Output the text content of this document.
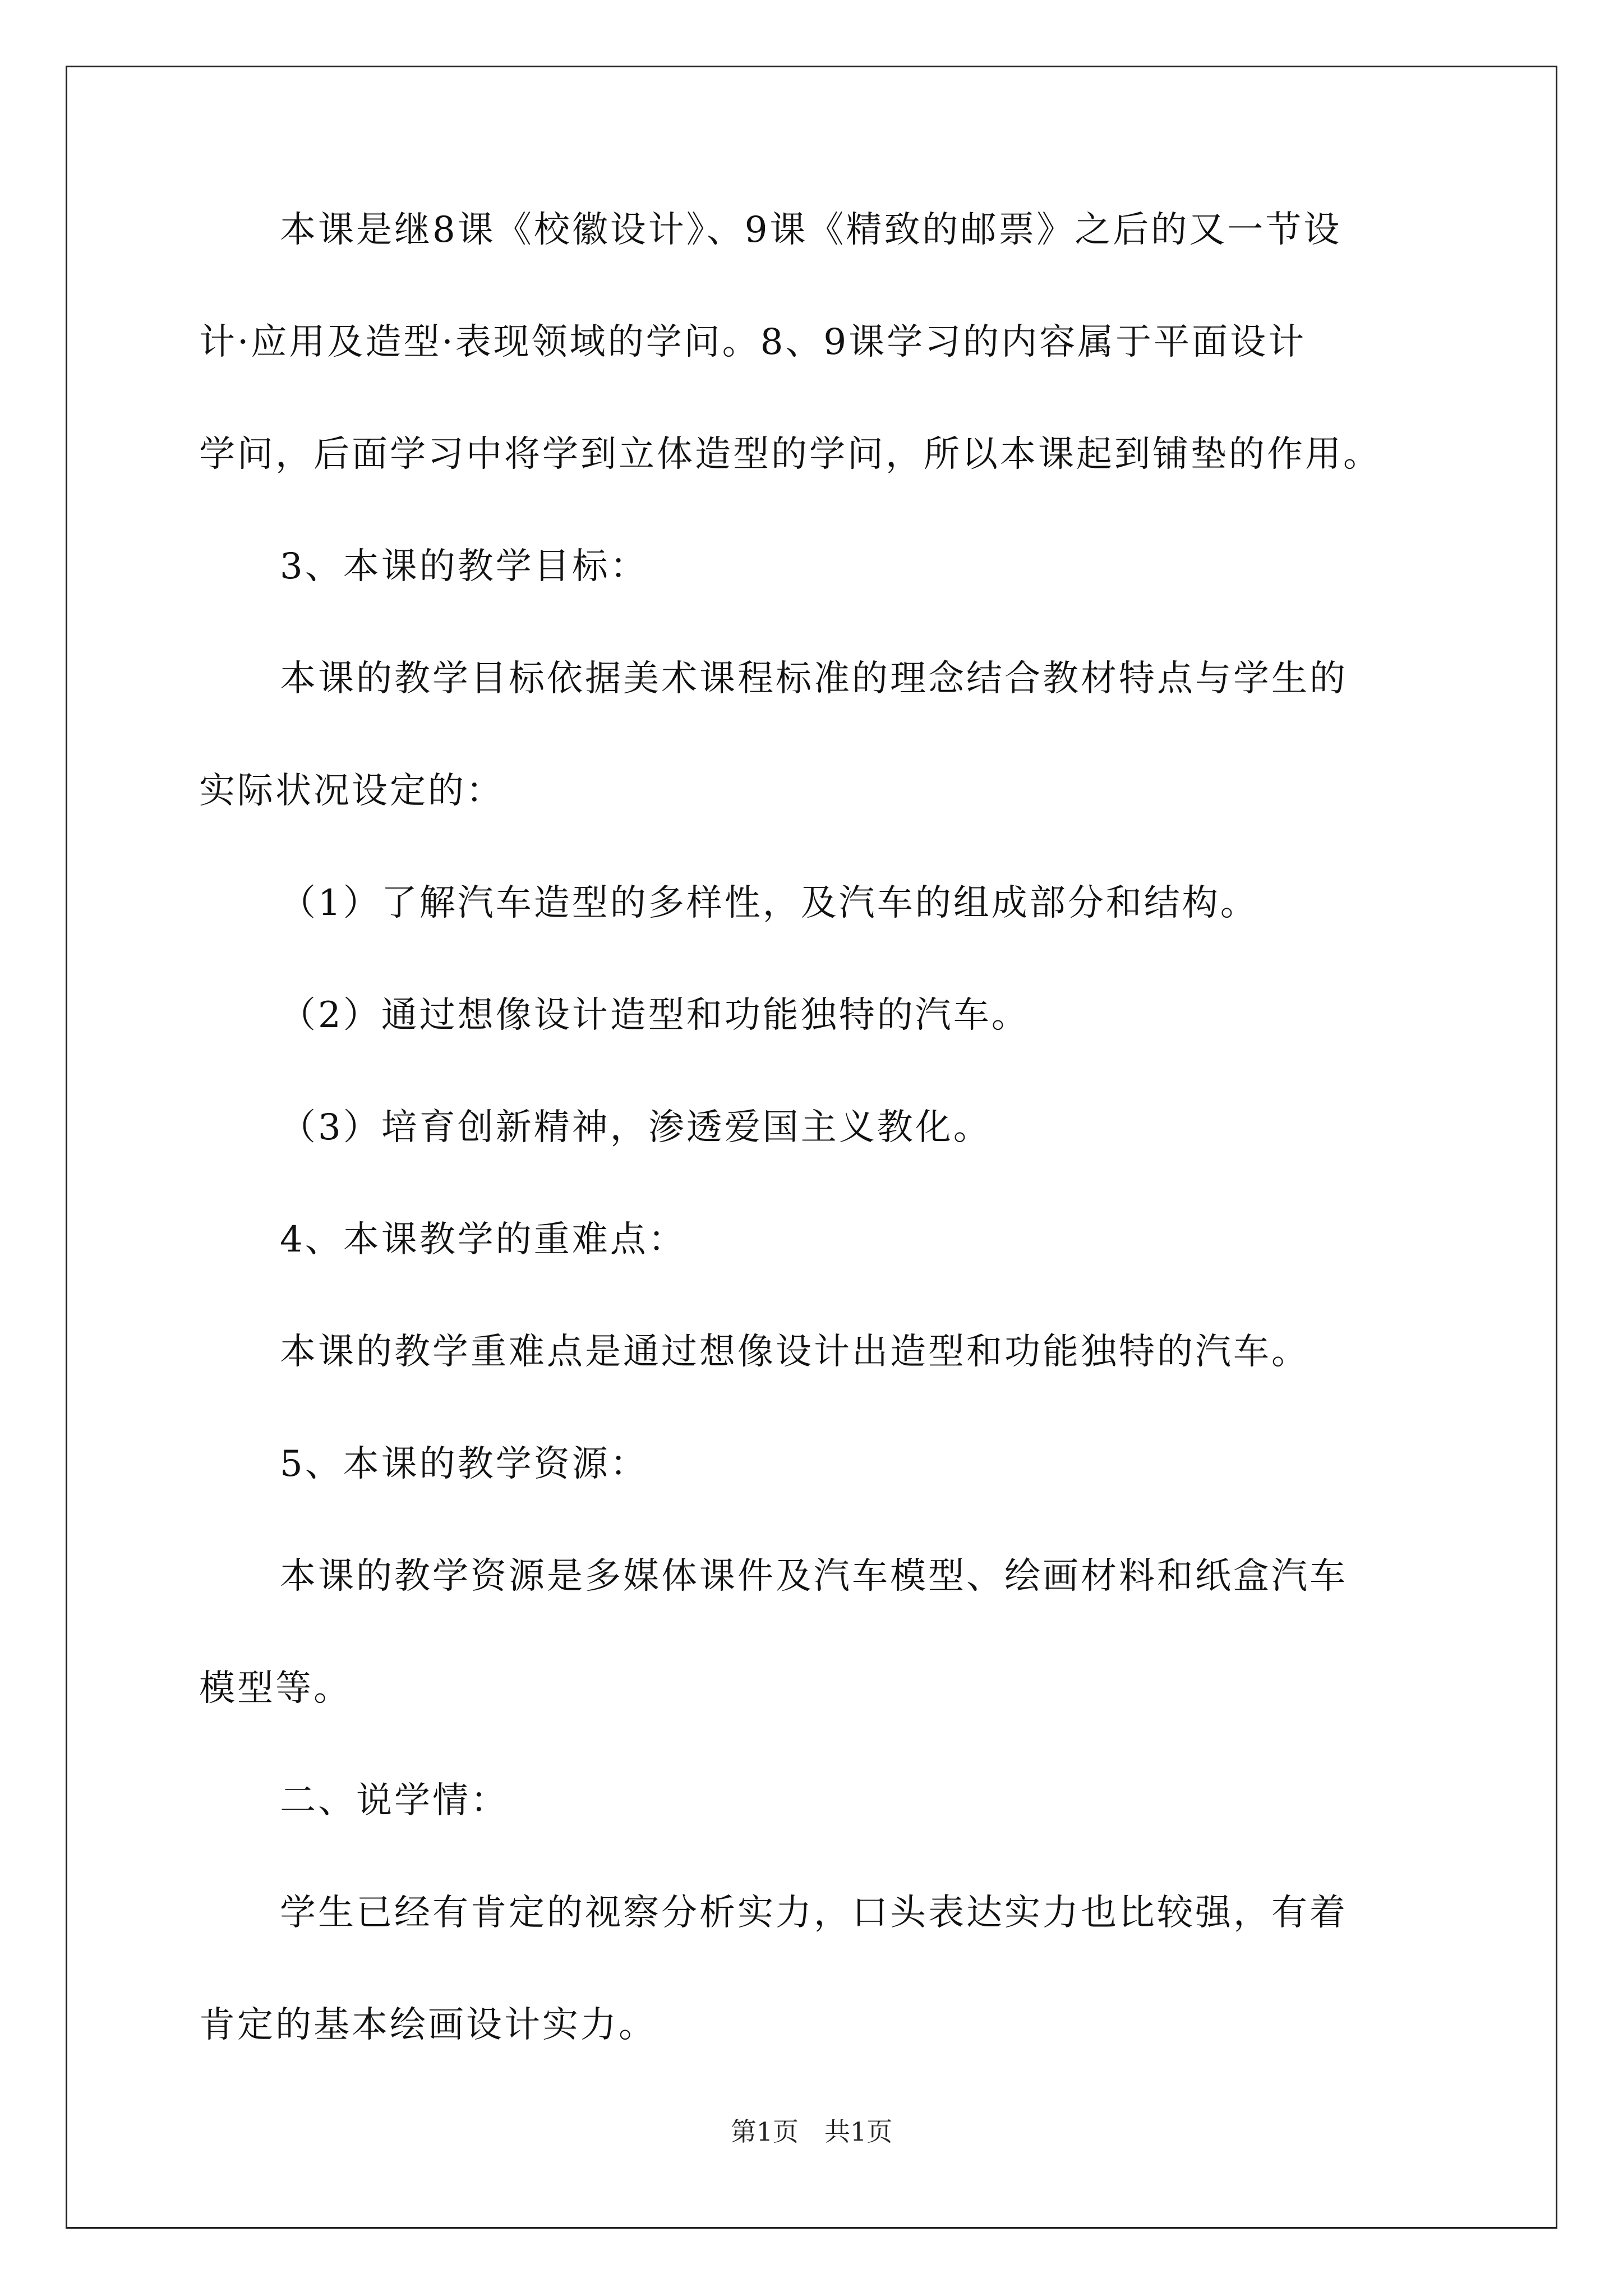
本课是继8课《校徽设计》、9课《精致的邮票》之后的又一节设
计·应用及造型·表现领域的学问。8、9课学习的内容属于平面设计
学问，后面学习中将学到立体造型的学问，所以本课起到铺垫的作用。
3、本课的教学目标：
本课的教学目标依据美术课程标准的理念结合教材特点与学生的
实际状况设定的：
（1）了解汽车造型的多样性，及汽车的组成部分和结构。
（2）通过想像设计造型和功能独特的汽车。
（3）培育创新精神，渗透爱国主义教化。
4、本课教学的重难点：
本课的教学重难点是通过想像设计出造型和功能独特的汽车。
5、本课的教学资源：
本课的教学资源是多媒体课件及汽车模型、绘画材料和纸盒汽车
模型等。
二、说学情：
学生已经有肯定的视察分析实力，口头表达实力也比较强，有着
肯定的基本绘画设计实力。
第1页　共1页
